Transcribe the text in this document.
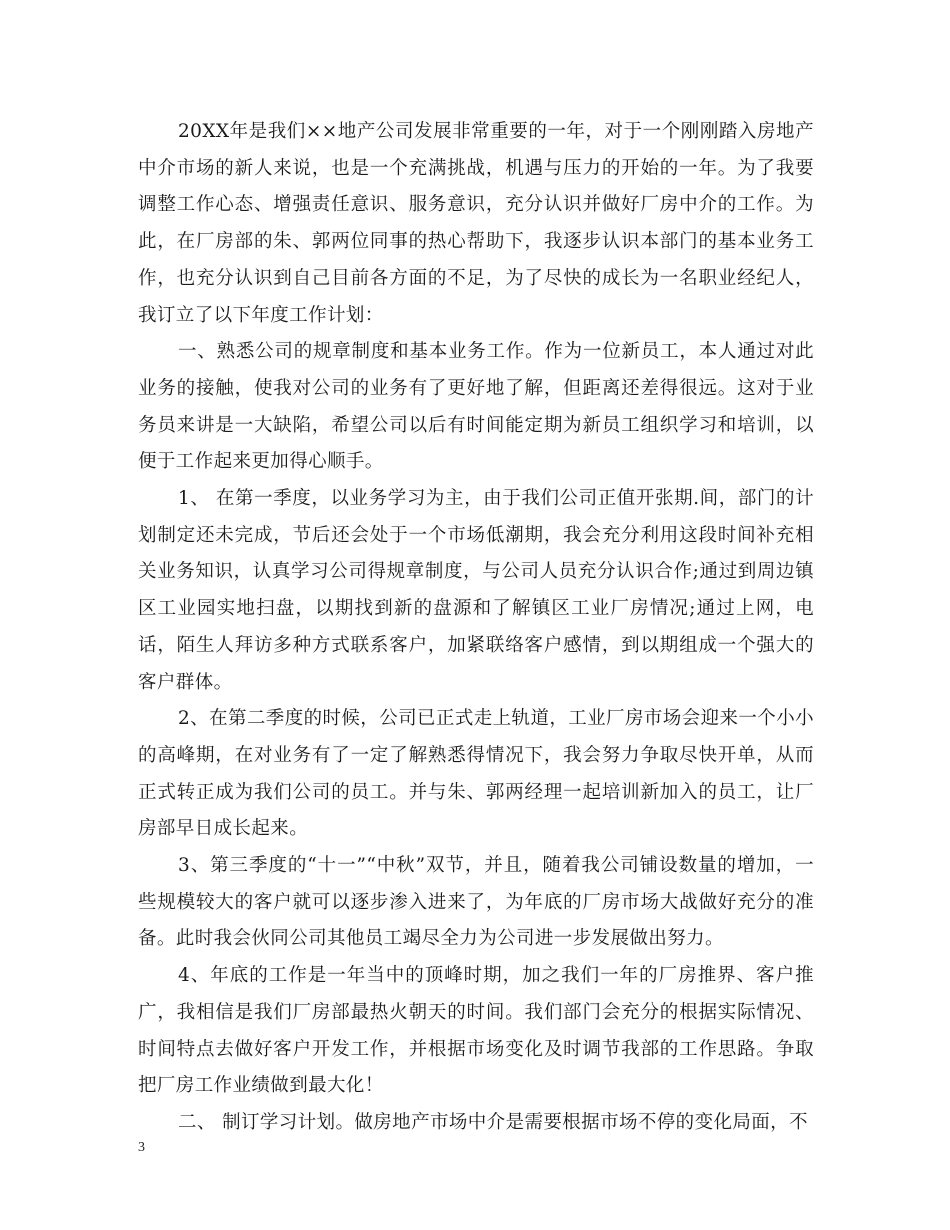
20XX年是我们××地产公司发展非常重要的一年，对于一个刚刚踏入房地产中介市场的新人来说，也是一个充满挑战，机遇与压力的开始的一年。为了我要调整工作心态、增强责任意识、服务意识，充分认识并做好厂房中介的工作。为此，在厂房部的朱、郭两位同事的热心帮助下，我逐步认识本部门的基本业务工作，也充分认识到自己目前各方面的不足，为了尽快的成长为一名职业经纪人，我订立了以下年度工作计划：

一、熟悉公司的规章制度和基本业务工作。作为一位新员工，本人通过对此业务的接触，使我对公司的业务有了更好地了解，但距离还差得很远。这对于业务员来讲是一大缺陷，希望公司以后有时间能定期为新员工组织学习和培训，以便于工作起来更加得心顺手。

1、 在第一季度，以业务学习为主，由于我们公司正值开张期.间，部门的计划制定还未完成，节后还会处于一个市场低潮期，我会充分利用这段时间补充相关业务知识，认真学习公司得规章制度，与公司人员充分认识合作;通过到周边镇区工业园实地扫盘，以期找到新的盘源和了解镇区工业厂房情况;通过上网，电话，陌生人拜访多种方式联系客户，加紧联络客户感情，到以期组成一个强大的客户群体。

2、在第二季度的时候，公司已正式走上轨道，工业厂房市场会迎来一个小小的高峰期，在对业务有了一定了解熟悉得情况下，我会努力争取尽快开单，从而正式转正成为我们公司的员工。并与朱、郭两经理一起培训新加入的员工，让厂房部早日成长起来。

3、第三季度的“十一”“中秋”双节，并且，随着我公司铺设数量的增加，一些规模较大的客户就可以逐步渗入进来了，为年底的厂房市场大战做好充分的准备。此时我会伙同公司其他员工竭尽全力为公司进一步发展做出努力。

4、年底的工作是一年当中的顶峰时期，加之我们一年的厂房推界、客户推广，我相信是我们厂房部最热火朝天的时间。我们部门会充分的根据实际情况、时间特点去做好客户开发工作，并根据市场变化及时调节我部的工作思路。争取把厂房工作业绩做到最大化！

二、 制订学习计划。做房地产市场中介是需要根据市场不停的变化局面，不

3
